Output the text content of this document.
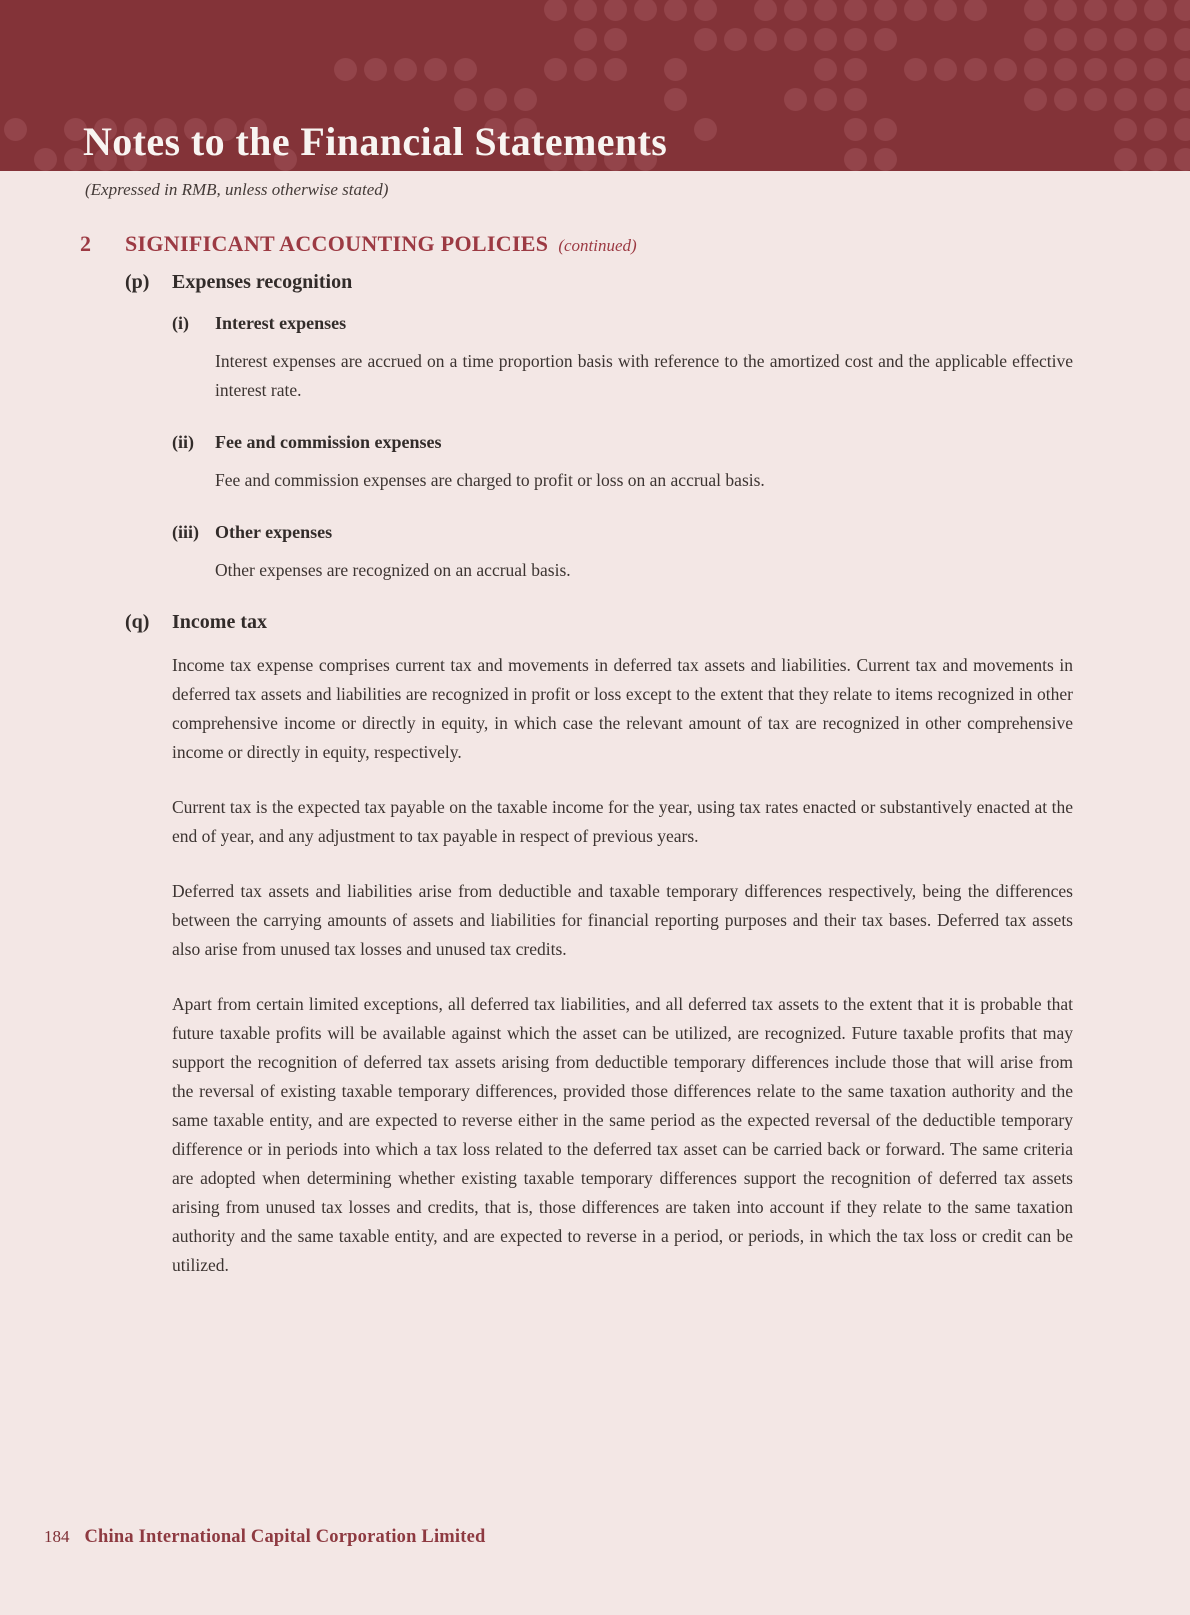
Notes to the Financial Statements
(Expressed in RMB, unless otherwise stated)
2	SIGNIFICANT ACCOUNTING POLICIES (continued)
(p)	Expenses recognition
(i)	Interest expenses

Interest expenses are accrued on a time proportion basis with reference to the amortized cost and the applicable effective interest rate.

(ii)	Fee and commission expenses

Fee and commission expenses are charged to profit or loss on an accrual basis.

(iii) Other expenses

Other expenses are recognized on an accrual basis.

(q)	Income tax

Income tax expense comprises current tax and movements in deferred tax assets and liabilities. Current tax and movements in deferred tax assets and liabilities are recognized in profit or loss except to the extent that they relate to items recognized in other comprehensive income or directly in equity, in which case the relevant amount of tax are recognized in other comprehensive income or directly in equity, respectively.

Current tax is the expected tax payable on the taxable income for the year, using tax rates enacted or substantively enacted at the end of year, and any adjustment to tax payable in respect of previous years.

Deferred tax assets and liabilities arise from deductible and taxable temporary differences respectively, being the differences between the carrying amounts of assets and liabilities for financial reporting purposes and their tax bases. Deferred tax assets also arise from unused tax losses and unused tax credits.

Apart from certain limited exceptions, all deferred tax liabilities, and all deferred tax assets to the extent that it is probable that future taxable profits will be available against which the asset can be utilized, are recognized. Future taxable profits that may support the recognition of deferred tax assets arising from deductible temporary differences include those that will arise from the reversal of existing taxable temporary differences, provided those differences relate to the same taxation authority and the same taxable entity, and are expected to reverse either in the same period as the expected reversal of the deductible temporary difference or in periods into which a tax loss related to the deferred tax asset can be carried back or forward. The same criteria are adopted when determining whether existing taxable temporary differences support the recognition of deferred tax assets arising from unused tax losses and credits, that is, those differences are taken into account if they relate to the same taxation authority and the same taxable entity, and are expected to reverse in a period, or periods, in which the tax loss or credit can be utilized.

184 China International Capital Corporation Limited
